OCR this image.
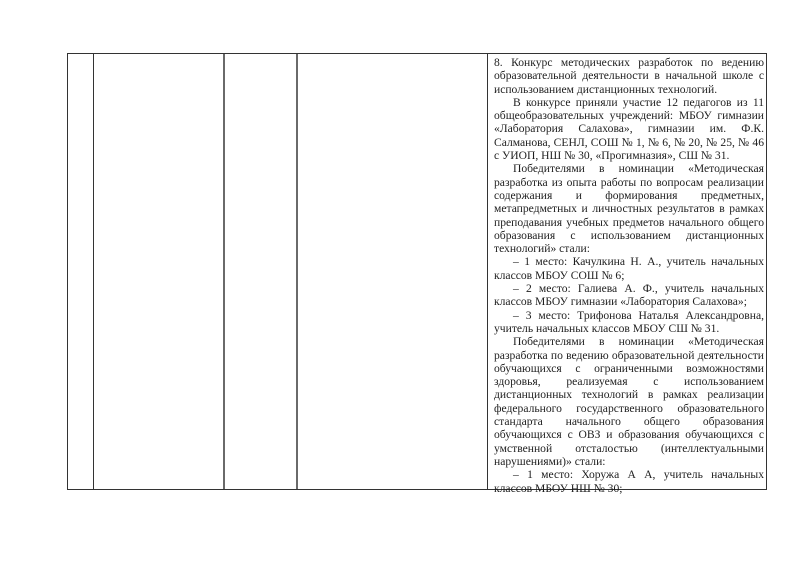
8. Конкурс методических разработок по ведению образовательной деятельности в начальной школе с использованием дистанционных технологий.

В конкурсе приняли участие 12 педагогов из 11 общеобразовательных учреждений: МБОУ гимназии «Лаборатория Салахова», гимназии им. Ф.К. Салманова, СЕНЛ, СОШ № 1, № 6, № 20, № 25, № 46 с УИОП, НШ № 30, «Прогимназия», СШ № 31.

Победителями в номинации «Методическая разработка из опыта работы по вопросам реализации содержания и формирования предметных, метапредметных и личностных результатов в рамках преподавания учебных предметов начального общего образования с использованием дистанционных технологий» стали:

– 1 место: Качулкина Н. А., учитель начальных классов МБОУ СОШ № 6;

– 2 место: Галиева А. Ф., учитель начальных классов МБОУ гимназии «Лаборатория Салахова»;

– 3 место: Трифонова Наталья Александровна, учитель начальных классов МБОУ СШ № 31.

Победителями в номинации «Методическая разработка по ведению образовательной деятельности обучающихся с ограниченными возможностями здоровья, реализуемая с использованием дистанционных технологий в рамках реализации федерального государственного образовательного стандарта начального общего образования обучающихся с ОВЗ и образования обучающихся с умственной отсталостью (интеллектуальными нарушениями)» стали:

– 1 место: Хоружа А А, учитель начальных классов МБОУ НШ № 30;
